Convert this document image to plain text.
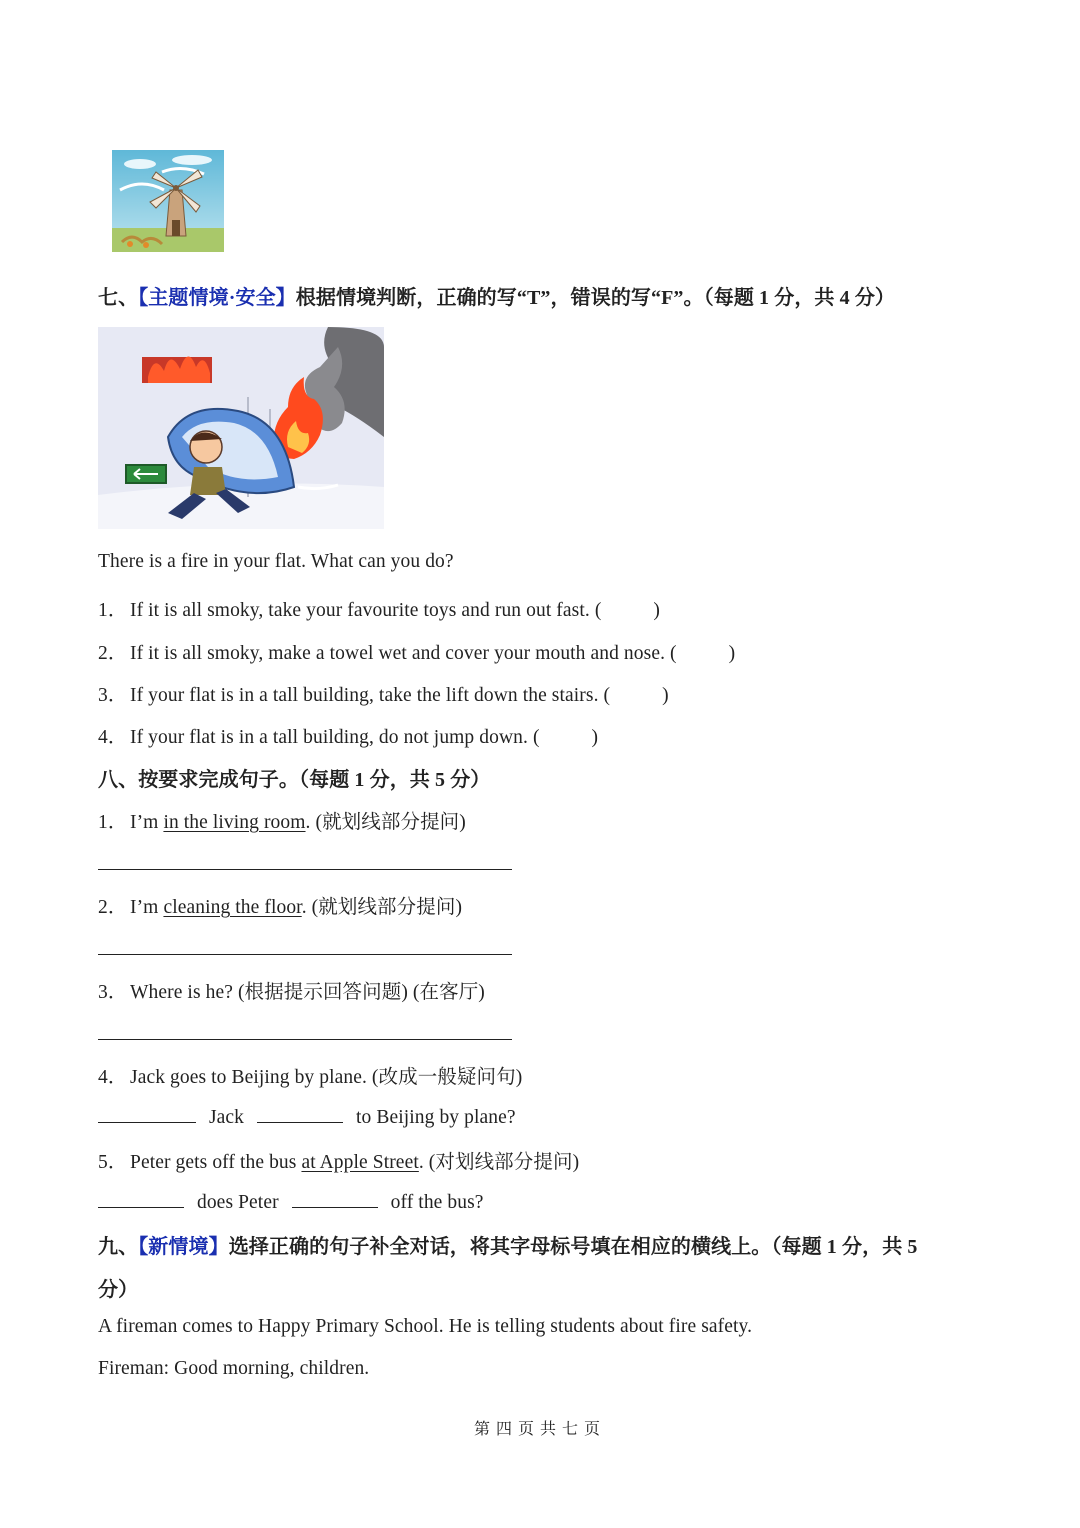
七、【主题情境·安全】根据情境判断，正确的写“T”，错误的写“F”。（每题 1 分，共 4 分）
There is a fire in your flat. What can you do?
1． If it is all smoky, take your favourite toys and run out fast. (	)
2． If it is all smoky, make a towel wet and cover your mouth and nose. (	)
3． If your flat is in a tall building, take the lift down the stairs. (	)
4． If your flat is in a tall building, do not jump down. (	)
八、按要求完成句子。（每题 1 分，共 5 分）
1． I’m in the living room. (就划线部分提问)
2． I’m cleaning the floor. (就划线部分提问)
3． Where is he? (根据提示回答问题) (在客厅)
4． Jack goes to Beijing by plane. (改成一般疑问句)
Jack	to Beijing by plane?
5． Peter gets off the bus at Apple Street. (对划线部分提问)
does Peter	off the bus?
九、【新情境】选择正确的句子补全对话，将其字母标号填在相应的横线上。（每题 1 分，共 5
分）
A fireman comes to Happy Primary School. He is telling students about fire safety.
Fireman: Good morning, children.
第四页共七页
